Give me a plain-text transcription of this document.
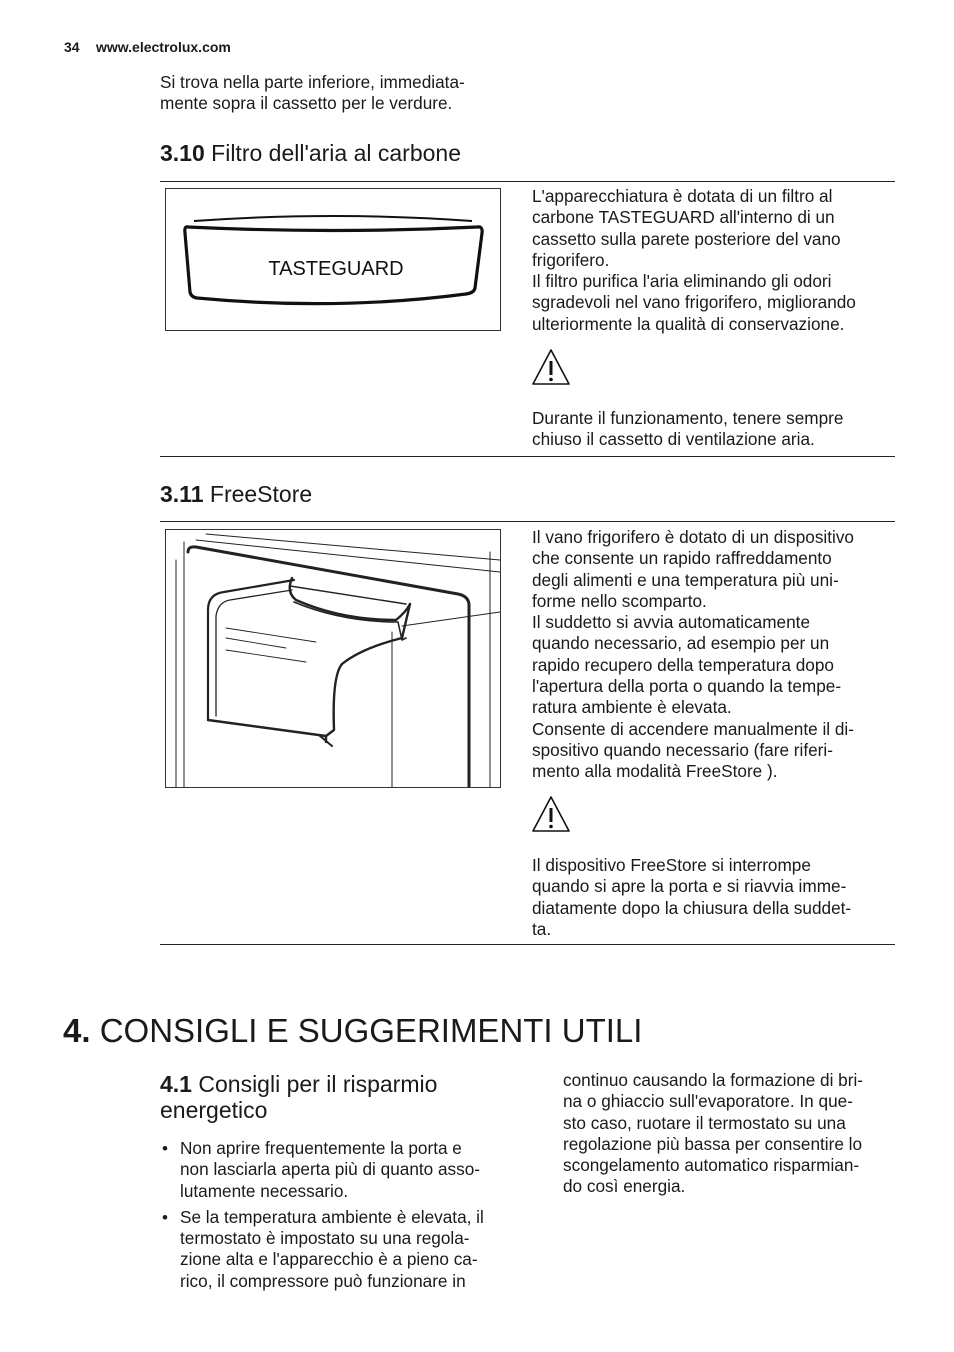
34 www.electrolux.com
Si trova nella parte inferiore, immediata-
mente sopra il cassetto per le verdure.
3.10 Filtro dell'aria al carbone
TASTEGUARD
L'apparecchiatura è dotata di un filtro al
carbone TASTEGUARD all'interno di un
cassetto sulla parete posteriore del vano
frigorifero.
Il filtro purifica l'aria eliminando gli odori
sgradevoli nel vano frigorifero, migliorando
ulteriormente la qualità di conservazione.
Durante il funzionamento, tenere sempre
chiuso il cassetto di ventilazione aria.
3.11 FreeStore
Il vano frigorifero è dotato di un dispositivo
che consente un rapido raffreddamento
degli alimenti e una temperatura più uni-
forme nello scomparto.
Il suddetto si avvia automaticamente
quando necessario, ad esempio per un
rapido recupero della temperatura dopo
l'apertura della porta o quando la tempe-
ratura ambiente è elevata.
Consente di accendere manualmente il di-
spositivo quando necessario (fare riferi-
mento alla modalità FreeStore ).
Il dispositivo FreeStore si interrompe
quando si apre la porta e si riavvia imme-
diatamente dopo la chiusura della suddet-
ta.
4. CONSIGLI E SUGGERIMENTI UTILI
4.1 Consigli per il risparmio
energetico
• Non aprire frequentemente la porta e
non lasciarla aperta più di quanto asso-
lutamente necessario.
• Se la temperatura ambiente è elevata, il
termostato è impostato su una regola-
zione alta e l'apparecchio è a pieno ca-
rico, il compressore può funzionare in
continuo causando la formazione di bri-
na o ghiaccio sull'evaporatore. In que-
sto caso, ruotare il termostato su una
regolazione più bassa per consentire lo
scongelamento automatico risparmian-
do così energia.
